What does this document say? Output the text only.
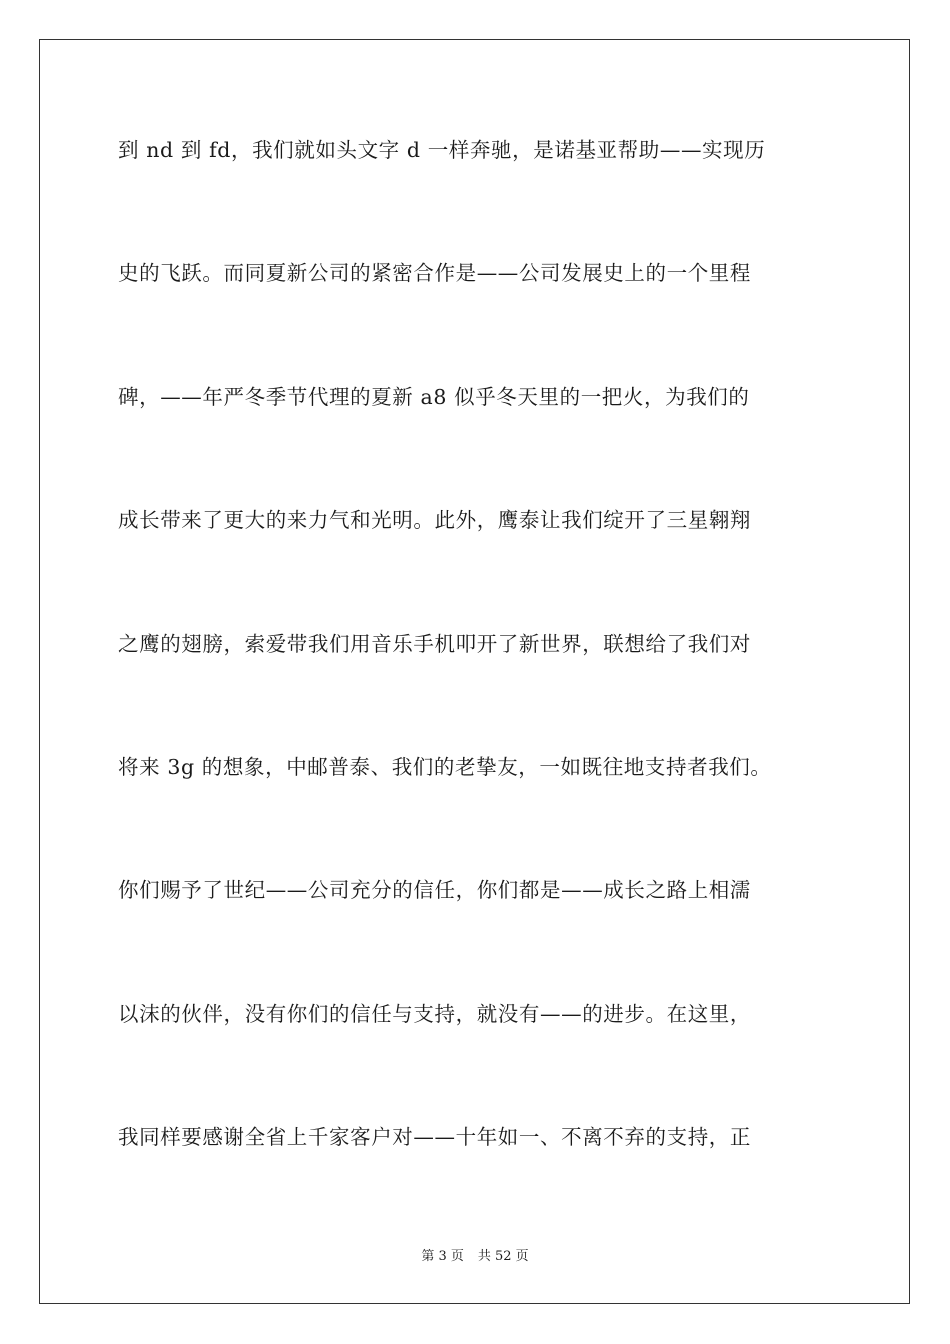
到 nd 到 fd，我们就如头文字 d 一样奔驰，是诺基亚帮助——实现历
史的飞跃。而同夏新公司的紧密合作是——公司发展史上的一个里程
碑，——年严冬季节代理的夏新 a8 似乎冬天里的一把火，为我们的
成长带来了更大的来力气和光明。此外，鹰泰让我们绽开了三星翱翔
之鹰的翅膀，索爱带我们用音乐手机叩开了新世界，联想给了我们对
将来 3g 的想象，中邮普泰、我们的老挚友，一如既往地支持者我们。
你们赐予了世纪——公司充分的信任，你们都是——成长之路上相濡
以沫的伙伴，没有你们的信任与支持，就没有——的进步。在这里，
我同样要感谢全省上千家客户对——十年如一、不离不弃的支持，正
第 3 页 共 52 页
